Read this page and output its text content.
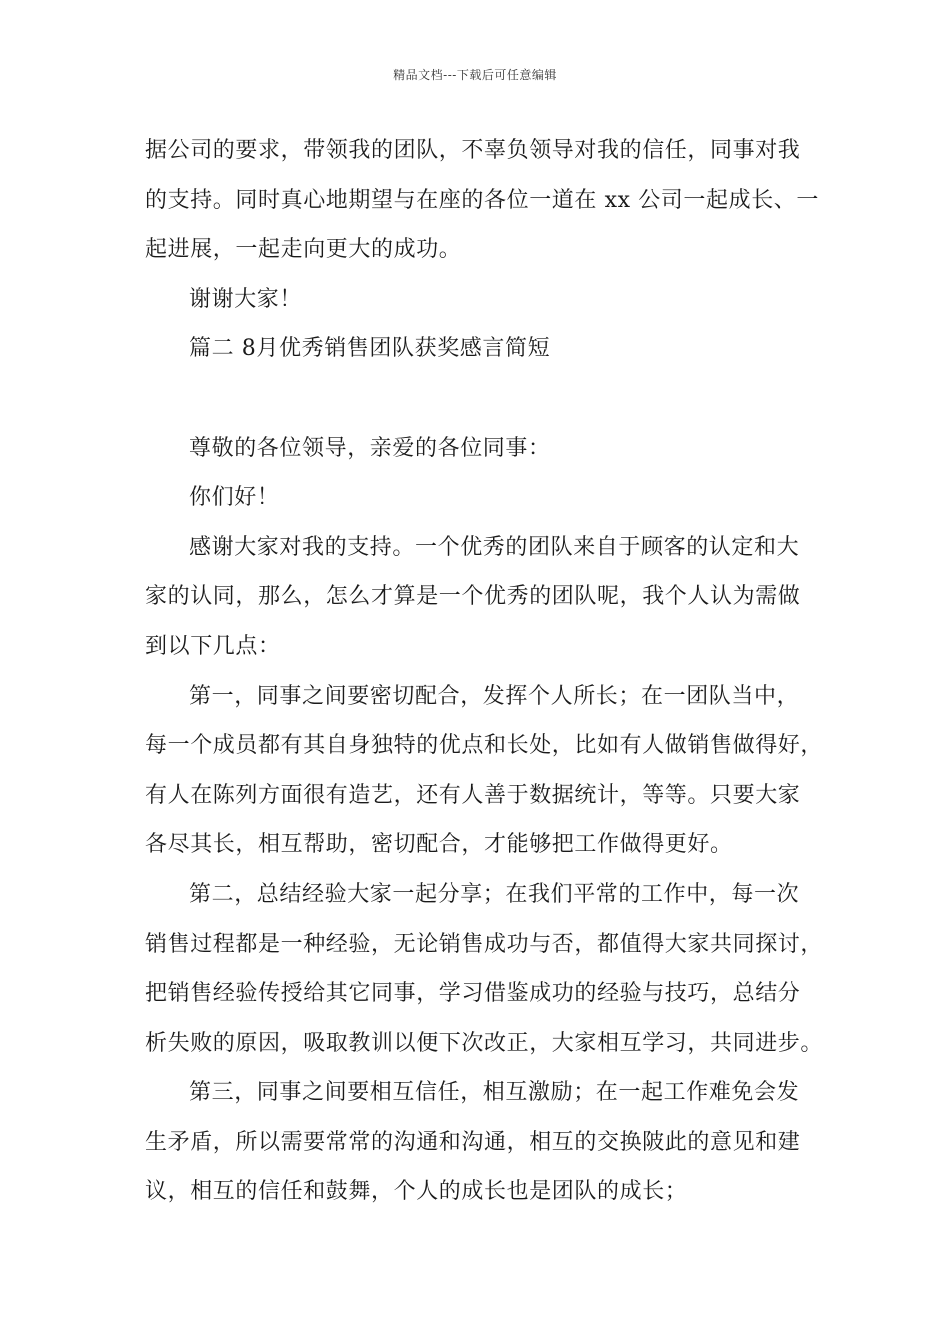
精品文档---下载后可任意编辑
据公司的要求，带领我的团队，不辜负领导对我的信任，同事对我
的支持。同时真心地期望与在座的各位一道在 xx 公司一起成长、一
起进展，一起走向更大的成功。
谢谢大家！
篇二 8月优秀销售团队获奖感言简短
尊敬的各位领导，亲爱的各位同事：
你们好！
感谢大家对我的支持。一个优秀的团队来自于顾客的认定和大
家的认同，那么，怎么才算是一个优秀的团队呢，我个人认为需做
到以下几点：
第一，同事之间要密切配合，发挥个人所长；在一团队当中，
每一个成员都有其自身独特的优点和长处，比如有人做销售做得好，
有人在陈列方面很有造艺，还有人善于数据统计，等等。只要大家
各尽其长，相互帮助，密切配合，才能够把工作做得更好。
第二，总结经验大家一起分享；在我们平常的工作中，每一次
销售过程都是一种经验，无论销售成功与否，都值得大家共同探讨，
把销售经验传授给其它同事，学习借鉴成功的经验与技巧，总结分
析失败的原因，吸取教训以便下次改正，大家相互学习，共同进步。
第三，同事之间要相互信任，相互激励；在一起工作难免会发
生矛盾，所以需要常常的沟通和沟通，相互的交换陂此的意见和建
议，相互的信任和鼓舞，个人的成长也是团队的成长；
